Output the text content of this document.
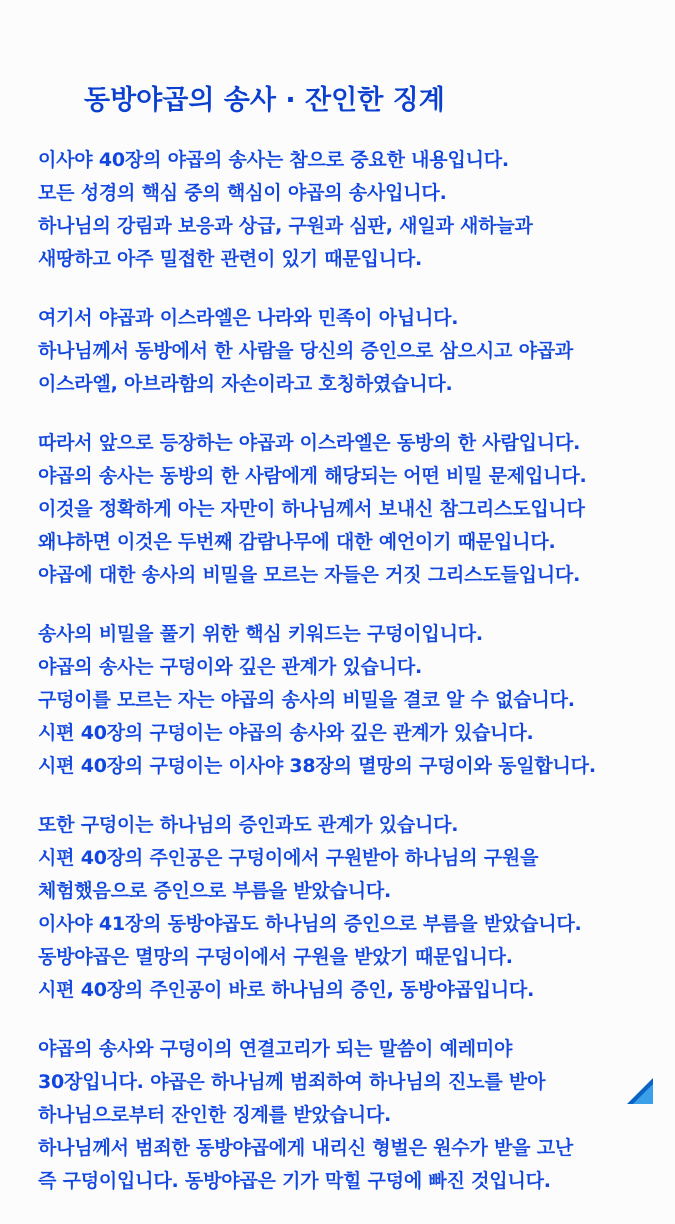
동방야곱의 송사 · 잔인한 징계

이사야 40장의 야곱의 송사는 참으로 중요한 내용입니다.
모든 성경의 핵심 중의 핵심이 야곱의 송사입니다.
하나님의 강림과 보응과 상급, 구원과 심판, 새일과 새하늘과
새땅하고 아주 밀접한 관련이 있기 때문입니다.

여기서 야곱과 이스라엘은 나라와 민족이 아닙니다.
하나님께서 동방에서 한 사람을 당신의 증인으로 삼으시고 야곱과
이스라엘, 아브라함의 자손이라고 호칭하였습니다.

따라서 앞으로 등장하는 야곱과 이스라엘은 동방의 한 사람입니다.
야곱의 송사는 동방의 한 사람에게 해당되는 어떤 비밀 문제입니다.
이것을 정확하게 아는 자만이 하나님께서 보내신 참그리스도입니다
왜냐하면 이것은 두번째 감람나무에 대한 예언이기 때문입니다.
야곱에 대한 송사의 비밀을 모르는 자들은 거짓 그리스도들입니다.

송사의 비밀을 풀기 위한 핵심 키워드는 구덩이입니다.
야곱의 송사는 구덩이와 깊은 관계가 있습니다.
구덩이를 모르는 자는 야곱의 송사의 비밀을 결코 알 수 없습니다.
시편 40장의 구덩이는 야곱의 송사와 깊은 관계가 있습니다.
시편 40장의 구덩이는 이사야 38장의 멸망의 구덩이와 동일합니다.

또한 구덩이는 하나님의 증인과도 관계가 있습니다.
시편 40장의 주인공은 구덩이에서 구원받아 하나님의 구원을
체험했음으로 증인으로 부름을 받았습니다.
이사야 41장의 동방야곱도 하나님의 증인으로 부름을 받았습니다.
동방야곱은 멸망의 구덩이에서 구원을 받았기 때문입니다.
시편 40장의 주인공이 바로 하나님의 증인, 동방야곱입니다.

야곱의 송사와 구덩이의 연결고리가 되는 말씀이 예레미야
30장입니다. 야곱은 하나님께 범죄하여 하나님의 진노를 받아
하나님으로부터 잔인한 징계를 받았습니다.
하나님께서 범죄한 동방야곱에게 내리신 형벌은 원수가 받을 고난
즉 구덩이입니다. 동방야곱은 기가 막힐 구덩에 빠진 것입니다.
